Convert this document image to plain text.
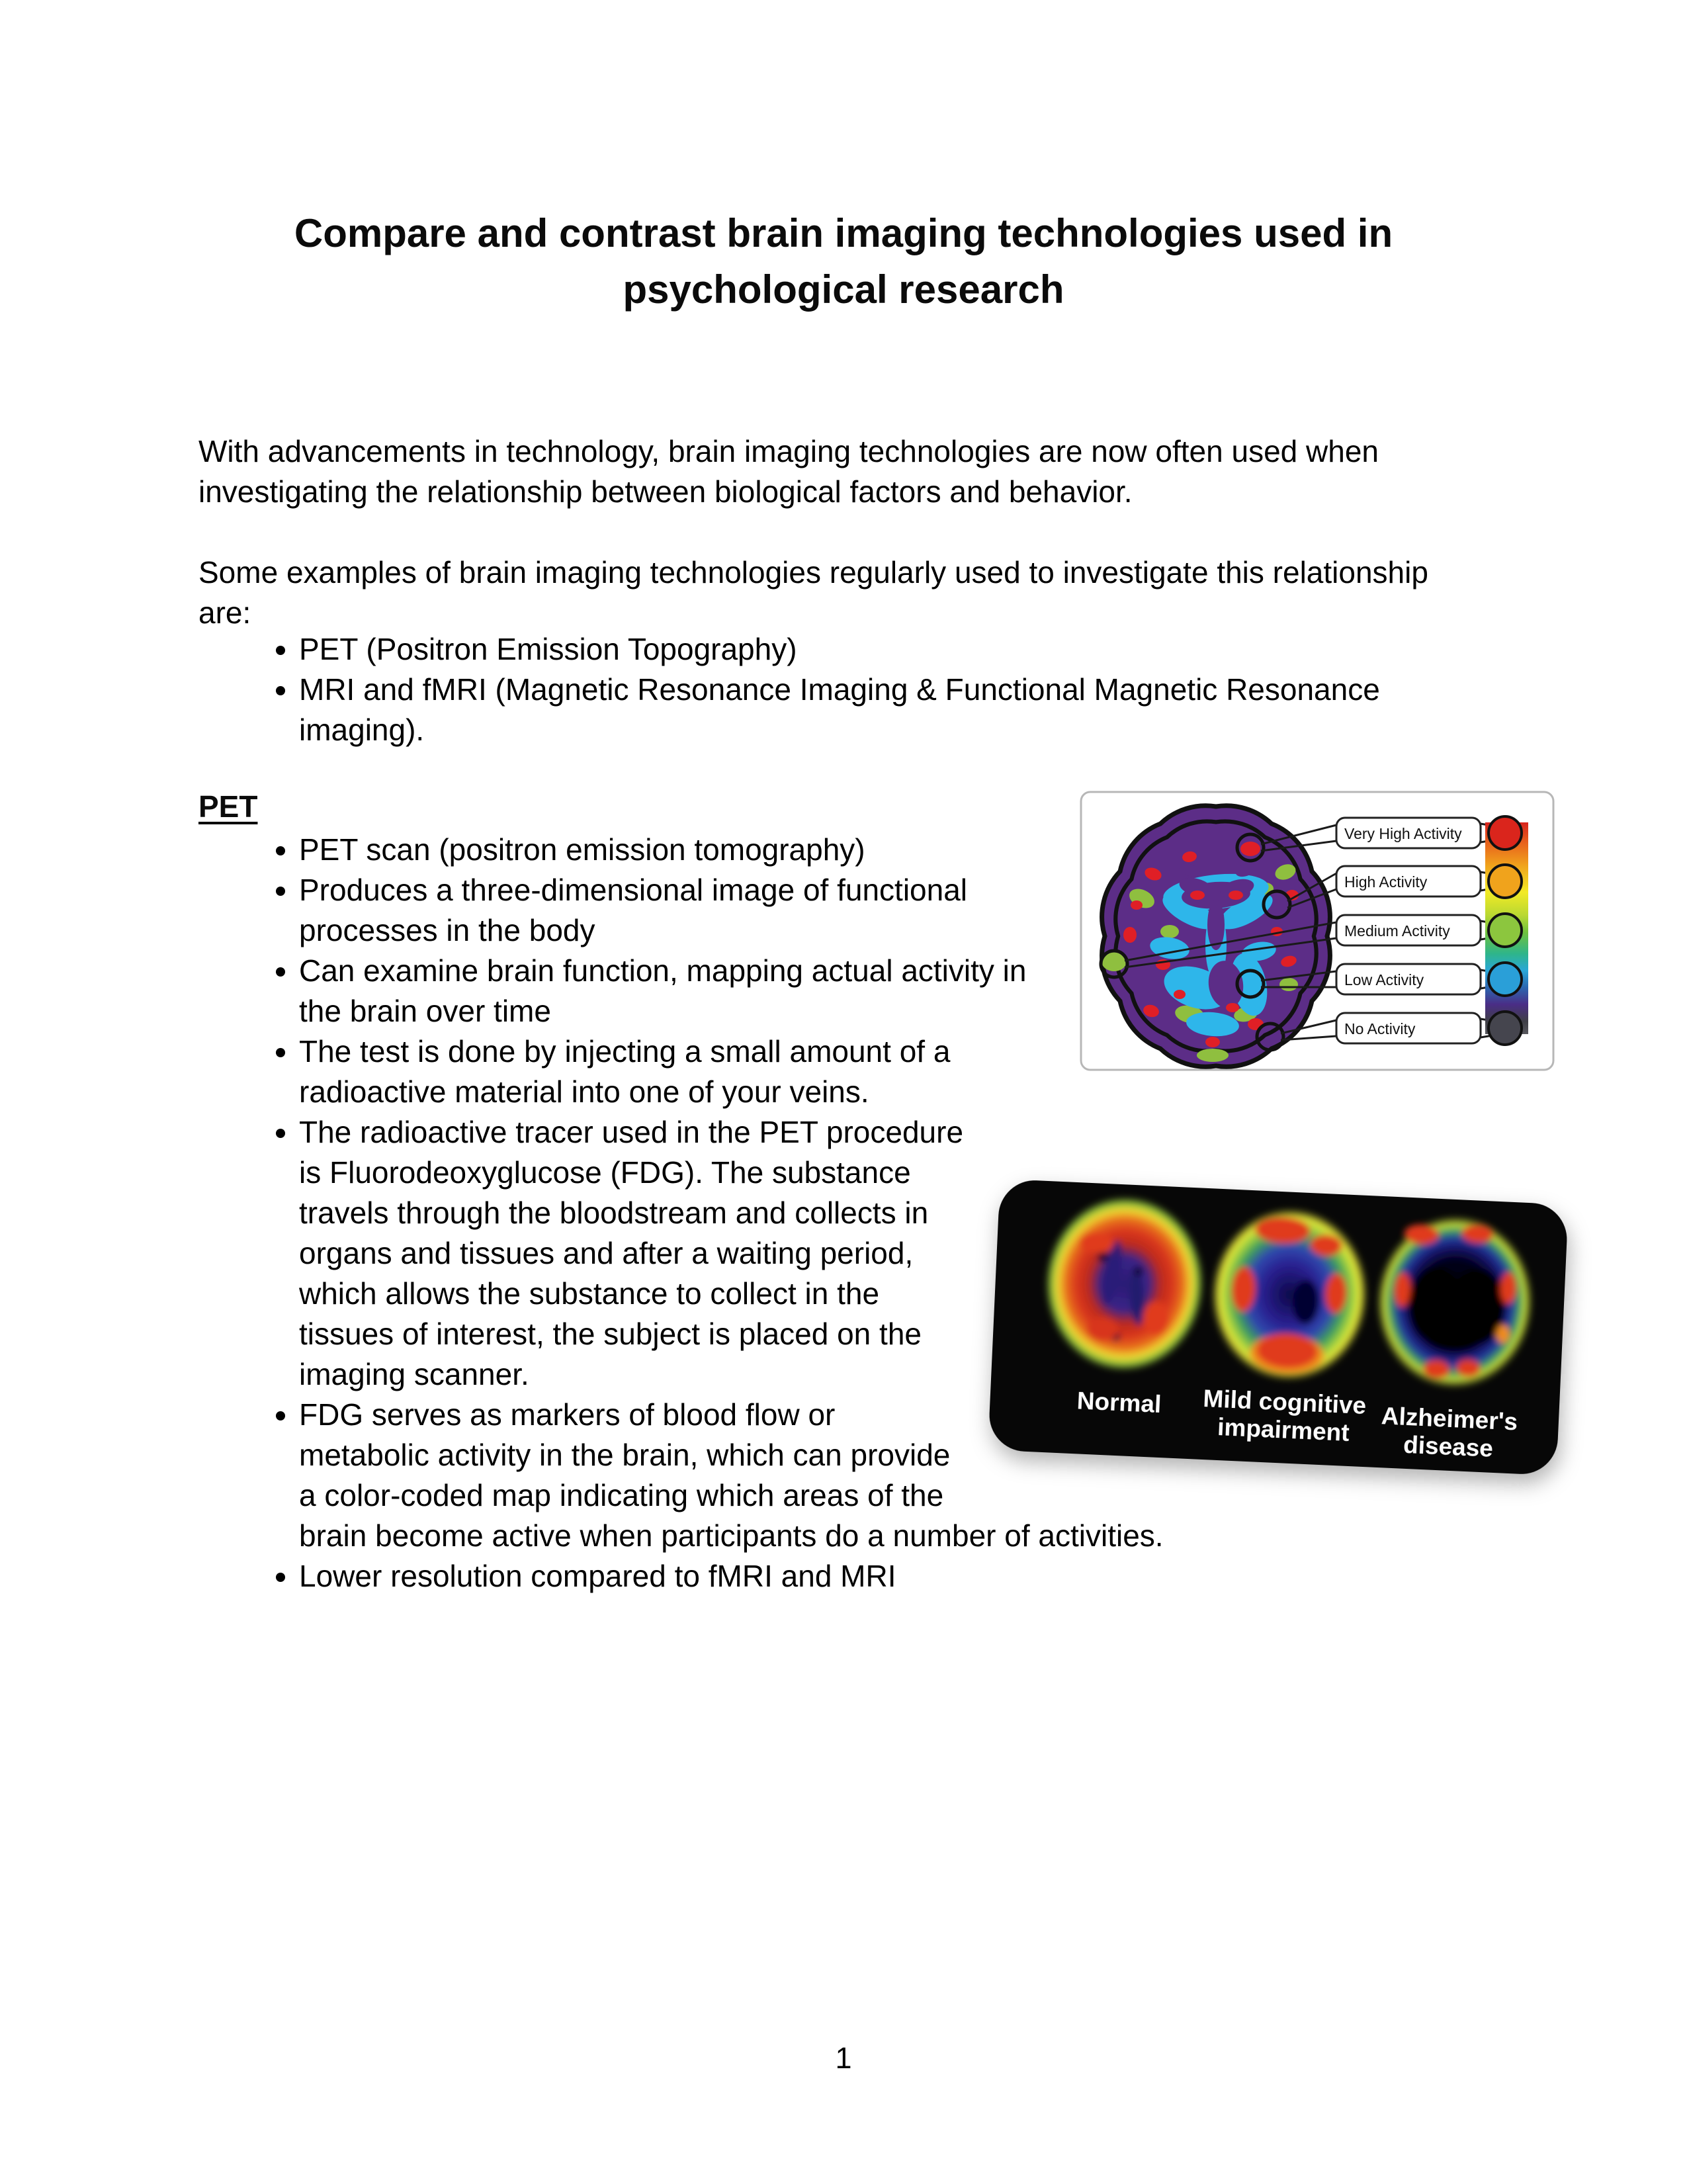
Compare and contrast brain imaging technologies used in
psychological research

With advancements in technology, brain imaging technologies are now often used when investigating the relationship between biological factors and behavior.

Some examples of brain imaging technologies regularly used to investigate this relationship are:

• PET (Positron Emission Topography)
• MRI and fMRI (Magnetic Resonance Imaging & Functional Magnetic Resonance imaging).
Very High Activity
High Activity
Medium Activity
Low Activity
No Activity
PET
• PET scan (positron emission tomography)
• Produces a three-dimensional image of functional processes in the body
• Can examine brain function, mapping actual activity in the brain over time
• The test is done by injecting a small amount of a radioactive material into one of your veins.
Normal Mild cognitiveimpairment	Alzheimer'sdisease
• The radioactive tracer used in the PET procedure is Fluorodeoxyglucose (FDG). The substance travels through the bloodstream and collects in organs and tissues and after a waiting period, which allows the substance to collect in the tissues of interest, the subject is placed on the imaging scanner.
• FDG serves as markers of blood flow or metabolic activity in the brain, which can provide a color-coded map indicating which areas of the brain become active when participants do a number of activities.
• Lower resolution compared to fMRI and MRI
1
